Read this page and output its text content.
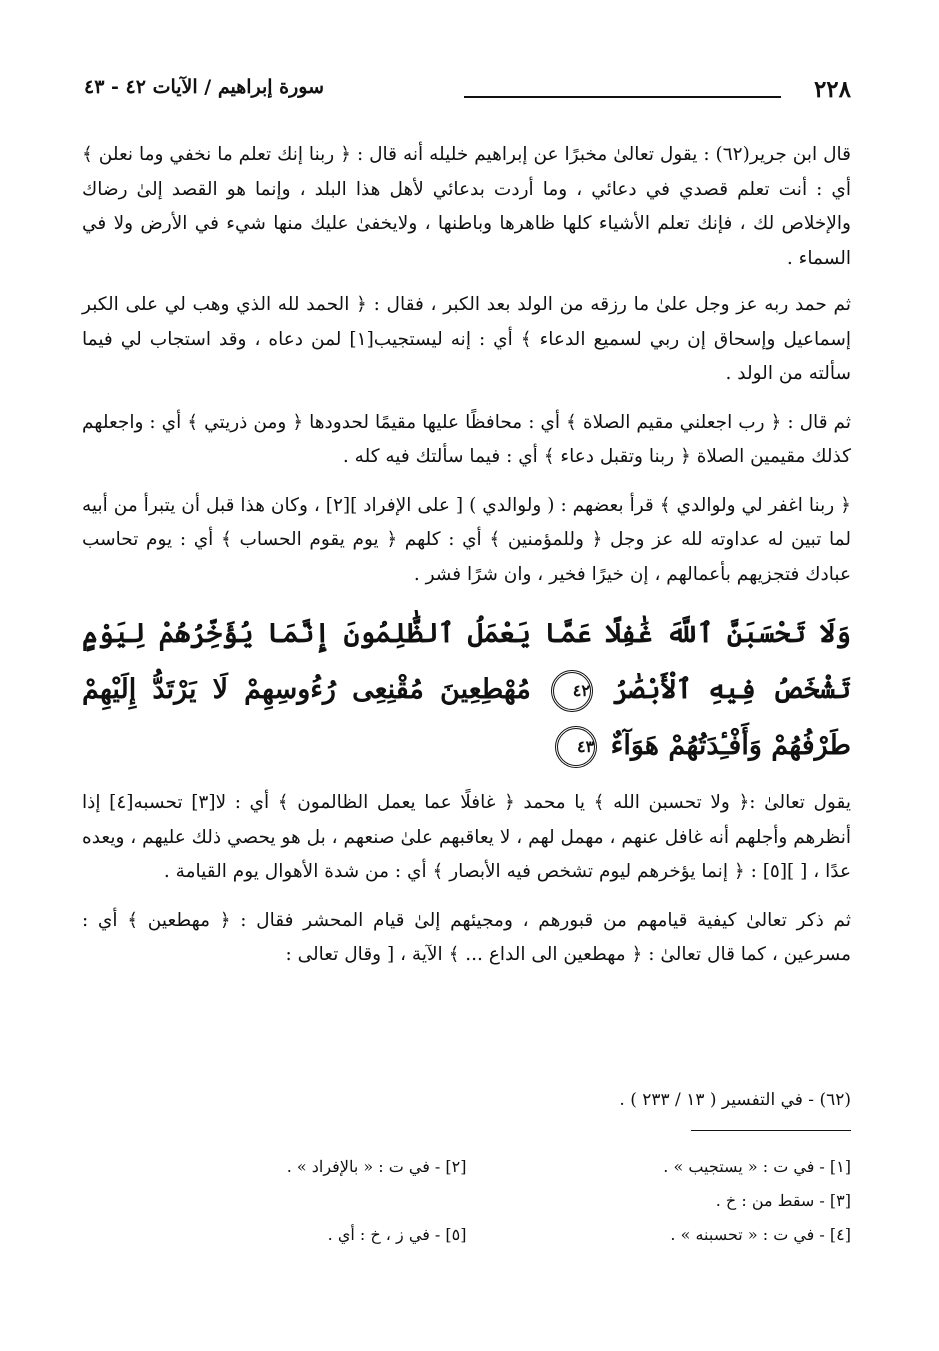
٢٢٨
سورة إبراهيم / الآيات ٤٢ - ٤٣

قال ابن جرير(٦٢) : يقول تعالىٰ مخبرًا عن إبراهيم خليله أنه قال : ﴿ ربنا إنك تعلم ما نخفي وما نعلن ﴾ أي : أنت تعلم قصدي في دعائي ، وما أردت بدعائي لأهل هذا البلد ، وإنما هو القصد إلىٰ رضاك والإخلاص لك ، فإنك تعلم الأشياء كلها ظاهرها وباطنها ، ولايخفىٰ عليك منها شيء في الأرض ولا في السماء .

ثم حمد ربه عز وجل علىٰ ما رزقه من الولد بعد الكبر ، فقال : ﴿ الحمد لله الذي وهب لي على الكبر إسماعيل وإسحاق إن ربي لسميع الدعاء ﴾ أي : إنه ليستجيب[١] لمن دعاه ، وقد استجاب لي فيما سألته من الولد .

ثم قال : ﴿ رب اجعلني مقيم الصلاة ﴾ أي : محافظًا عليها مقيمًا لحدودها ﴿ ومن ذريتي ﴾ أي : واجعلهم كذلك مقيمين الصلاة ﴿ ربنا وتقبل دعاء ﴾ أي : فيما سألتك فيه كله .

﴿ ربنا اغفر لي ولوالدي ﴾ قرأ بعضهم : ( ولوالدي ) [ على الإفراد ][٢] ، وكان هذا قبل أن يتبرأ من أبيه لما تبين له عداوته لله عز وجل ﴿ وللمؤمنين ﴾ أي : كلهم ﴿ يوم يقوم الحساب ﴾ أي : يوم تحاسب عبادك فتجزيهم بأعمالهم ، إن خيرًا فخير ، وان شرًا فشر .

وَلَا تَحْسَبَنَّ ٱللَّهَ غَٰفِلًا عَمَّا يَعْمَلُ ٱلظَّٰلِمُونَ إِنَّمَا يُؤَخِّرُهُمْ لِيَوْمٍ تَشْخَصُ فِيهِ ٱلْأَبْصَٰرُ ٤٢ مُهْطِعِينَ مُقْنِعِى رُءُوسِهِمْ لَا يَرْتَدُّ إِلَيْهِمْ طَرْفُهُمْ وَأَفْـِٔدَتُهُمْ هَوَآءٌ ٤٣

يقول تعالىٰ :﴿ ولا تحسبن الله ﴾ يا محمد ﴿ غافلًا عما يعمل الظالمون ﴾ أي : لا[٣] تحسبه[٤] إذا أنظرهم وأجلهم أنه غافل عنهم ، مهمل لهم ، لا يعاقبهم علىٰ صنعهم ، بل هو يحصي ذلك عليهم ، ويعده عدًا ، [ ][٥] : ﴿ إنما يؤخرهم ليوم تشخص فيه الأبصار ﴾ أي : من شدة الأهوال يوم القيامة .

ثم ذكر تعالىٰ كيفية قيامهم من قبورهم ، ومجيئهم إلىٰ قيام المحشر فقال : ﴿ مهطعين ﴾ أي : مسرعين ، كما قال تعالىٰ : ﴿ مهطعين الى الداع ... ﴾ الآية ، [ وقال تعالى :

(٦٢) - في التفسير ( ١٣ / ٢٣٣ ) .
[١] - في ت : « يستجيب » .
[٢] - في ت : « بالإفراد » .
[٣] - سقط من : خ .
[٤] - في ت : « تحسبنه » .
[٥] - في ز ، خ : أي .
